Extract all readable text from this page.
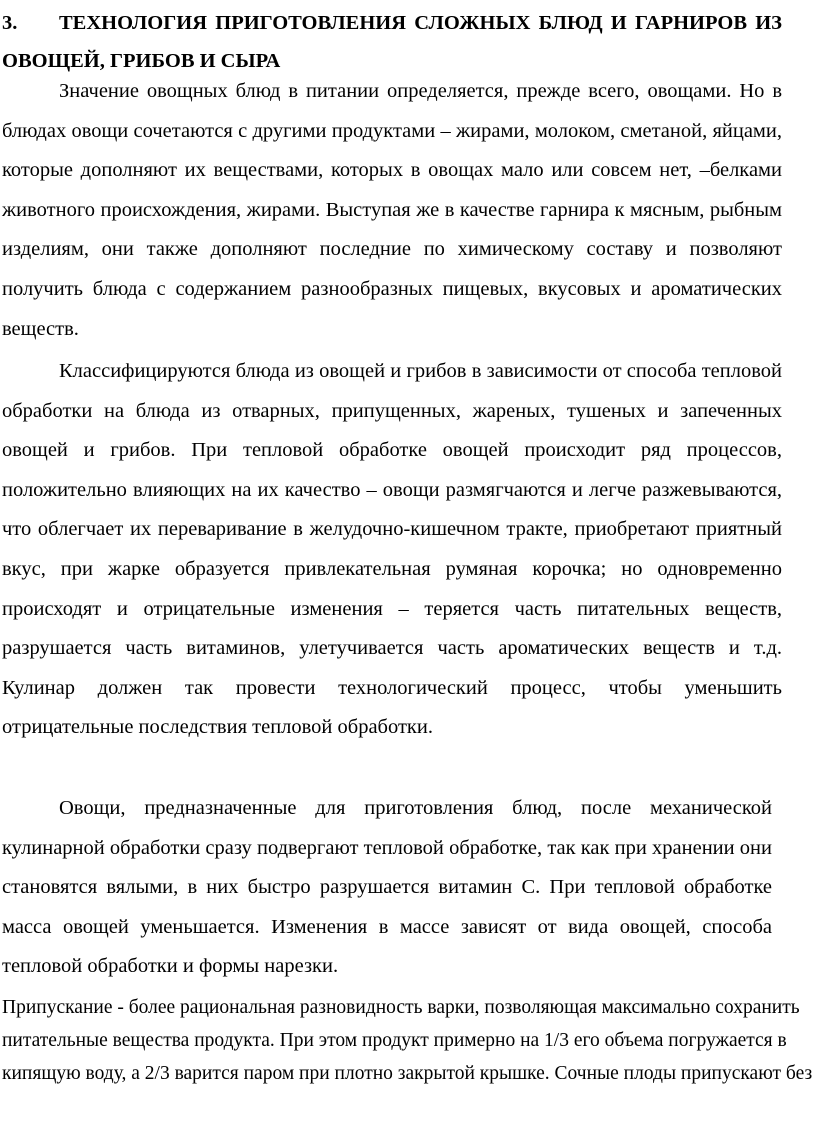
3. ТЕХНОЛОГИЯ ПРИГОТОВЛЕНИЯ СЛОЖНЫХ БЛЮД И ГАРНИРОВ ИЗ ОВОЩЕЙ, ГРИБОВ И СЫРА

Значение овощных блюд в питании определяется, прежде всего, овощами. Но в блюдах овощи сочетаются с другими продуктами – жирами, молоком, сметаной, яйцами, которые дополняют их веществами, которых в овощах мало или совсем нет, –белками животного происхождения, жирами. Выступая же в качестве гарнира к мясным, рыбным изделиям, они также дополняют последние по химическому составу и позволяют получить блюда с содержанием разнообразных пищевых, вкусовых и ароматических веществ.

Классифицируются блюда из овощей и грибов в зависимости от способа тепловой обработки на блюда из отварных, припущенных, жареных, тушеных и запеченных овощей и грибов. При тепловой обработке овощей происходит ряд процессов, положительно влияющих на их качество – овощи размягчаются и легче разжевываются, что облегчает их переваривание в желудочно-кишечном тракте, приобретают приятный вкус, при жарке образуется привлекательная румяная корочка; но одновременно происходят и отрицательные изменения – теряется часть питательных веществ, разрушается часть витаминов, улетучивается часть ароматических веществ и т.д. Кулинар должен так провести технологический процесс, чтобы уменьшить отрицательные последствия тепловой обработки.

Овощи, предназначенные для приготовления блюд, после механической кулинарной обработки сразу подвергают тепловой обработке, так как при хранении они становятся вялыми, в них быстро разрушается витамин С. При тепловой обработке масса овощей уменьшается. Изменения в массе зависят от вида овощей, способа тепловой обработки и формы нарезки.

Припускание - более рациональная разновидность варки, позволяющая максимально сохранить питательные вещества продукта. При этом продукт примерно на 1/3 его объема погружается в кипящую воду, а 2/3 варится паром при плотно закрытой крышке. Сочные плоды припускают без
